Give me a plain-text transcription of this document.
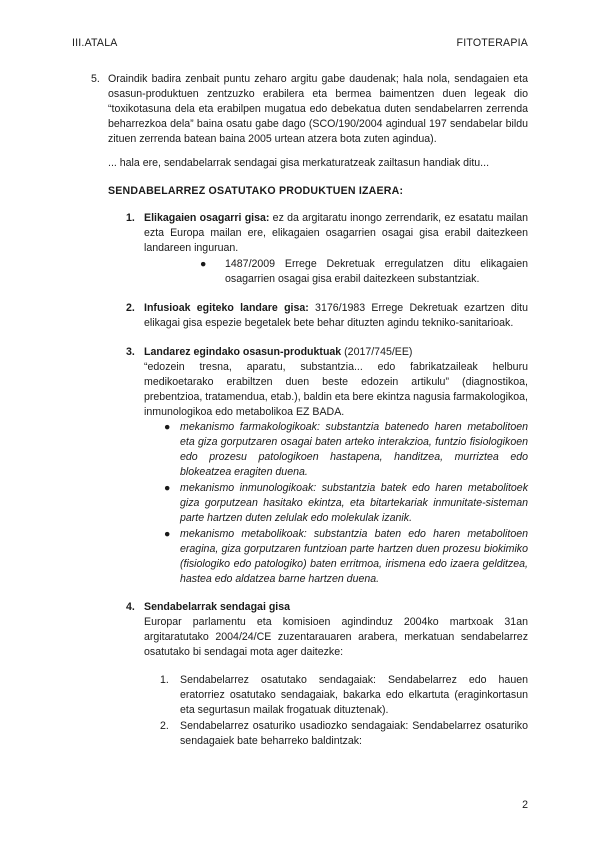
III.ATALA	FITOTERAPIA
5. Oraindik badira zenbait puntu zeharo argitu gabe daudenak; hala nola, sendagaien eta osasun-produktuen zentzuzko erabilera eta bermea baimentzen duen legeak dio “toxikotasuna dela eta erabilpen mugatua edo debekatua duten sendabelarren zerrenda beharrezkoa dela” baina osatu gabe dago (SCO/190/2004 agindual 197 sendabelar bildu zituen zerrenda batean baina 2005 urtean atzera bota zuten agindua).
... hala ere, sendabelarrak sendagai gisa merkaturatzeak zailtasun handiak ditu...
SENDABELARREZ OSATUTAKO PRODUKTUEN IZAERA:
1. Elikagaien osagarri gisa: ez da argitaratu inongo zerrendarik, ez esatatu mailan ezta Europa mailan ere, elikagaien osagarrien osagai gisa erabil daitezkeen landareen inguruan.
● 1487/2009 Errege Dekretuak erregulatzen ditu elikagaien osagarrien osagai gisa erabil daitezkeen substantziak.
2. Infusioak egiteko landare gisa: 3176/1983 Errege Dekretuak ezartzen ditu elikagai gisa espezie begetalek bete behar dituzten agindu tekniko-sanitarioak.
3. Landarez egindako osasun-produktuak (2017/745/EE)
“edozein tresna, aparatu, substantzia... edo fabrikatzaileak helburu medikoetarako erabiltzen duen beste edozein artikulu” (diagnostikoa, prebentzioa, tratamendua, etab.), baldin eta bere ekintza nagusia farmakologikoa, inmunologikoa edo metabolikoa EZ BADA.
● mekanismo farmakologikoak: substantzia batenedo haren metabolitoen eta giza gorputzaren osagai baten arteko interakzioa, funtzio fisiologikoen edo prozesu patologikoen hastapena, handitzea, murriztea edo blokeatzea eragiten duena.
● mekanismo inmunologikoak: substantzia batek edo haren metabolitoek giza gorputzean hasitako ekintza, eta bitartekariak inmunitate-sisteman parte hartzen duten zelulak edo molekulak izanik.
● mekanismo metabolikoak: substantzia baten edo haren metabolitoen eragina, giza gorputzaren funtzioan parte hartzen duen prozesu biokimiko (fisiologiko edo patologiko) baten erritmoa, irismena edo izaera gelditzea, hastea edo aldatzea barne hartzen duena.
4. Sendabelarrak sendagai gisa
Europar parlamentu eta komisioen agindinduz 2004ko martxoak 31an argitaratutako 2004/24/CE zuzentarauaren arabera, merkatuan sendabelarrez osatutako bi sendagai mota ager daitezke:
1. Sendabelarrez osatutako sendagaiak: Sendabelarrez edo hauen eratorriez osatutako sendagaiak, bakarka edo elkartuta (eraginkortasun eta segurtasun mailak frogatuak dituztenak).
2. Sendabelarrez osaturiko usadiozko sendagaiak: Sendabelarrez osaturiko sendagaiek bate beharreko baldintzak:
2
